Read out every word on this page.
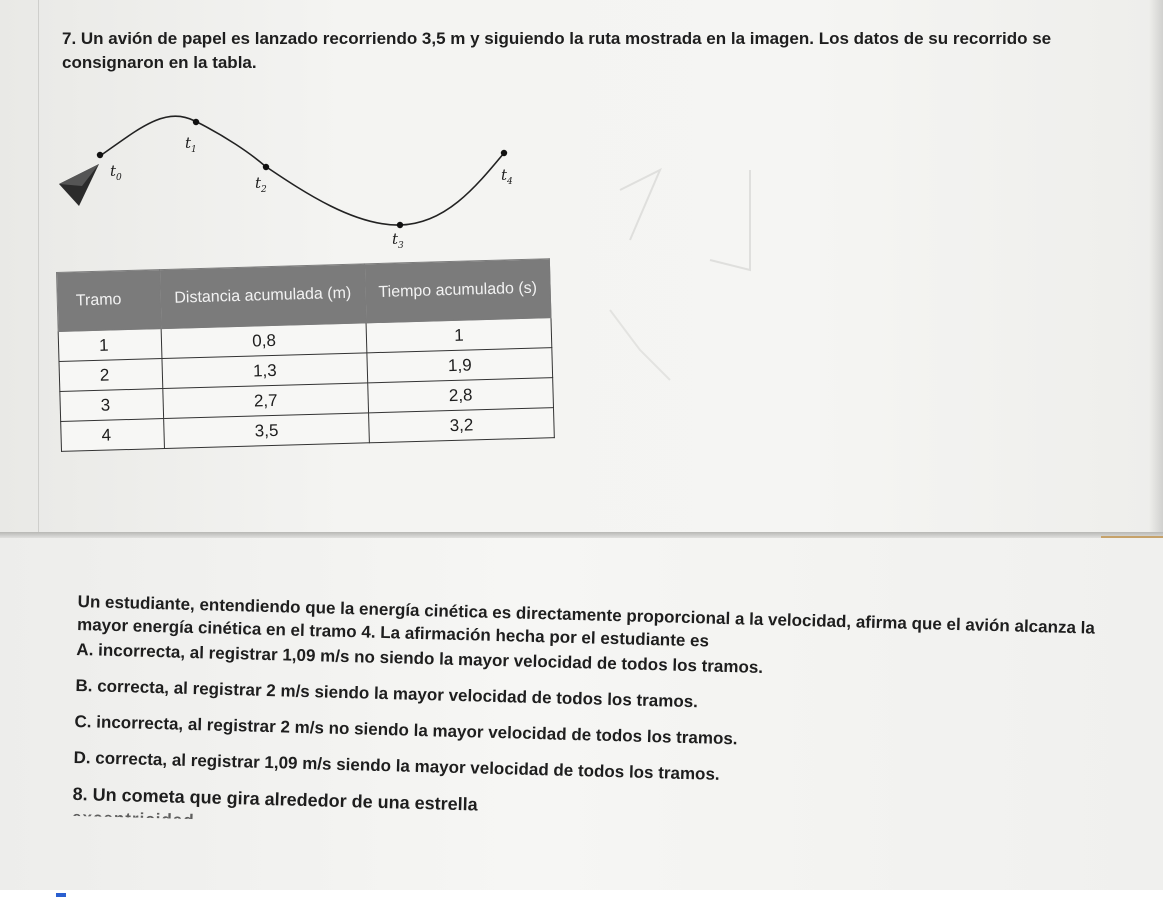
7. Un avión de papel es lanzado recorriendo 3,5 m y siguiendo la ruta mostrada en la imagen. Los datos de su recorrido se consignaron en la tabla.

$t_0$
$t_1$
$t_2$
$t_3$
$t_4$
Tramo	Distancia acumulada (m)	Tiempo acumulado (s)
1	0,8	1
2	1,3	1,9
3	2,7	2,8
4	3,5	3,2

Un estudiante, entendiendo que la energía cinética es directamente proporcional a la velocidad, afirma que el avión alcanza la mayor energía cinética en el tramo 4. La afirmación hecha por el estudiante es

A. incorrecta, al registrar 1,09 m/s no siendo la mayor velocidad de todos los tramos.

B. correcta, al registrar 2 m/s siendo la mayor velocidad de todos los tramos.

C. incorrecta, al registrar 2 m/s no siendo la mayor velocidad de todos los tramos.

D. correcta, al registrar 1,09 m/s siendo la mayor velocidad de todos los tramos.

8. Un cometa que gira alrededor de una estrella

excentricidad
